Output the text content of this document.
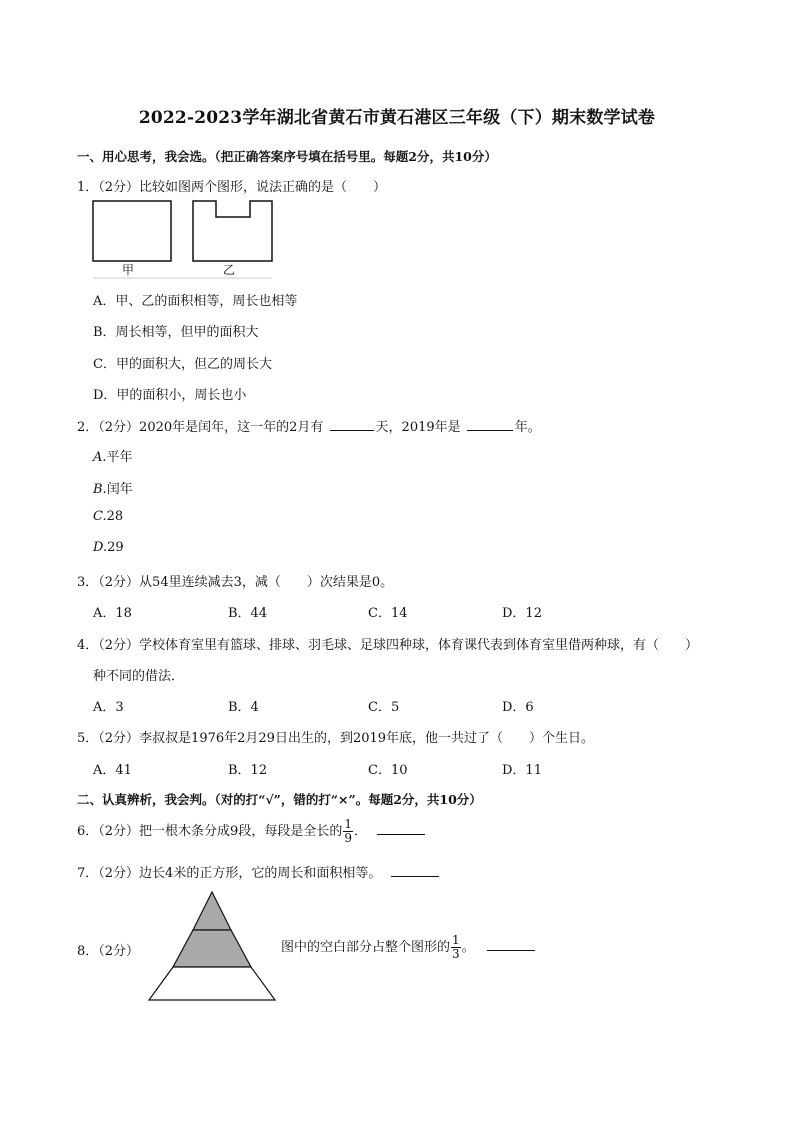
2022-2023学年湖北省黄石市黄石港区三年级（下）期末数学试卷
一、用心思考，我会选。（把正确答案序号填在括号里。每题2分，共10分）
1．（2分）比较如图两个图形，说法正确的是（　　）
甲	乙
A．甲、乙的面积相等，周长也相等
B．周长相等，但甲的面积大
C．甲的面积大，但乙的周长大
D．甲的面积小，周长也小
2．（2分）2020年是闰年，这一年的2月有	天，2019年是	年。
A.平年
B.闰年
C.28
D.29
3．（2分）从54里连续减去3，减（　　）次结果是0。
A．18	B．44	C．14	D．12
4．（2分）学校体育室里有篮球、排球、羽毛球、足球四种球，体育课代表到体育室里借两种球，有（　　）
种不同的借法．
A．3	B．4	C．5	D．6
5．（2分）李叔叔是1976年2月29日出生的，到2019年底，他一共过了（　　）个生日。
A．41	B．12	C．10	D．11
二、认真辨析，我会判。（对的打“√”，错的打“×”。每题2分，共10分）
6．（2分）把一根木条分成9段，每段是全长的 $\frac{1}{9}$ ．
7．（2分）边长4米的正方形，它的周长和面积相等。
8．（2分）	图中的空白部分占整个图形的 $\frac{1}{3}$ 。
